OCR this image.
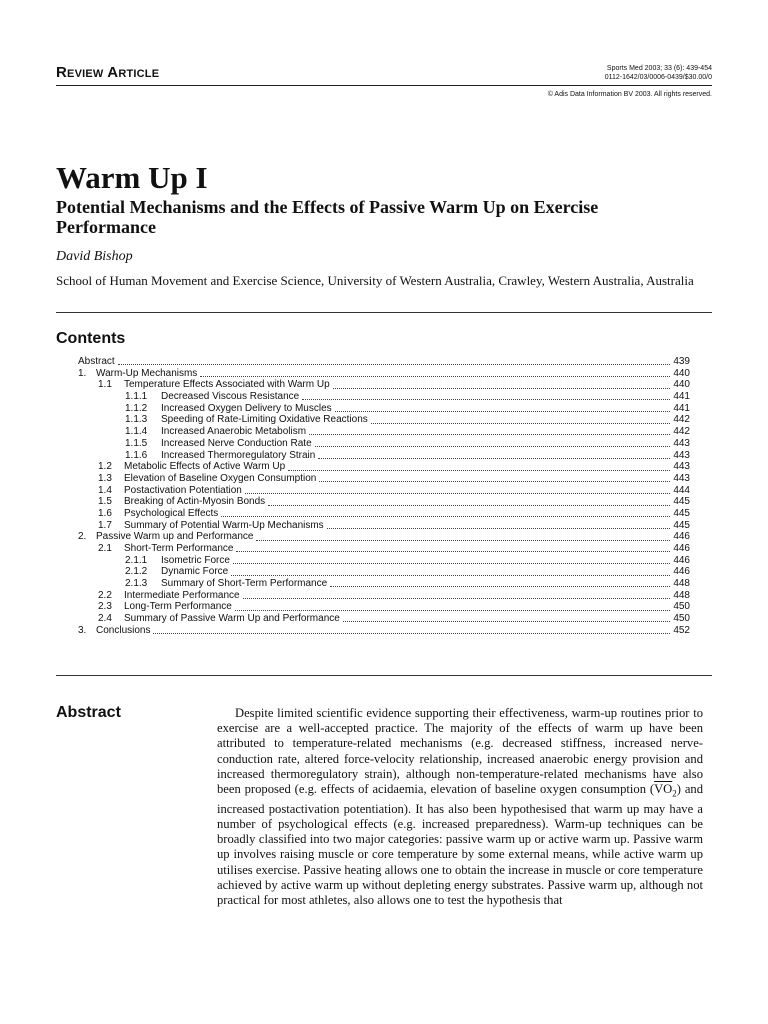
Review Article	Sports Med 2003; 33 (6): 439-454
0112-1642/03/0006-0439/$30.00/0
© Adis Data Information BV 2003. All rights reserved.
Warm Up I
Potential Mechanisms and the Effects of Passive Warm Up on Exercise Performance
David Bishop
School of Human Movement and Exercise Science, University of Western Australia, Crawley, Western Australia, Australia
Contents
Abstract	439
1. Warm-Up Mechanisms	440
1.1	Temperature Effects Associated with Warm Up	440
1.1.1	Decreased Viscous Resistance	441
1.1.2	Increased Oxygen Delivery to Muscles	441
1.1.3	Speeding of Rate-Limiting Oxidative Reactions	442
1.1.4	Increased Anaerobic Metabolism	442
1.1.5	Increased Nerve Conduction Rate	443
1.1.6	Increased Thermoregulatory Strain	443
1.2	Metabolic Effects of Active Warm Up	443
1.3	Elevation of Baseline Oxygen Consumption	443
1.4	Postactivation Potentiation	444
1.5	Breaking of Actin-Myosin Bonds	445
1.6	Psychological Effects	445
1.7	Summary of Potential Warm-Up Mechanisms	445
2. Passive Warm up and Performance	446
2.1	Short-Term Performance	446
2.1.1	Isometric Force	446
2.1.2	Dynamic Force	446
2.1.3	Summary of Short-Term Performance	448
2.2	Intermediate Performance	448
2.3	Long-Term Performance	450
2.4	Summary of Passive Warm Up and Performance	450
3. Conclusions	452
Abstract	Despite limited scientific evidence supporting their effectiveness, warm-up routines prior to exercise are a well-accepted practice. The majority of the effects of warm up have been attributed to temperature-related mechanisms (e.g. decreased stiffness, increased nerve-conduction rate, altered force-velocity relationship, increased anaerobic energy provision and increased thermoregulatory strain), although non-temperature-related mechanisms have also been proposed (e.g. effects of acidaemia, elevation of baseline oxygen consumption $(\overline{VO}_2)$ and increased postactivation potentiation). It has also been hypothesised that warm up may have a number of psychological effects (e.g. increased preparedness). Warm-up techniques can be broadly classified into two major categories: passive warm up or active warm up. Passive warm up involves raising muscle or core temperature by some external means, while active warm up utilises exercise. Passive heating allows one to obtain the increase in muscle or core temperature achieved by active warm up without depleting energy substrates. Passive warm up, although not practical for most athletes, also allows one to test the hypothesis that
